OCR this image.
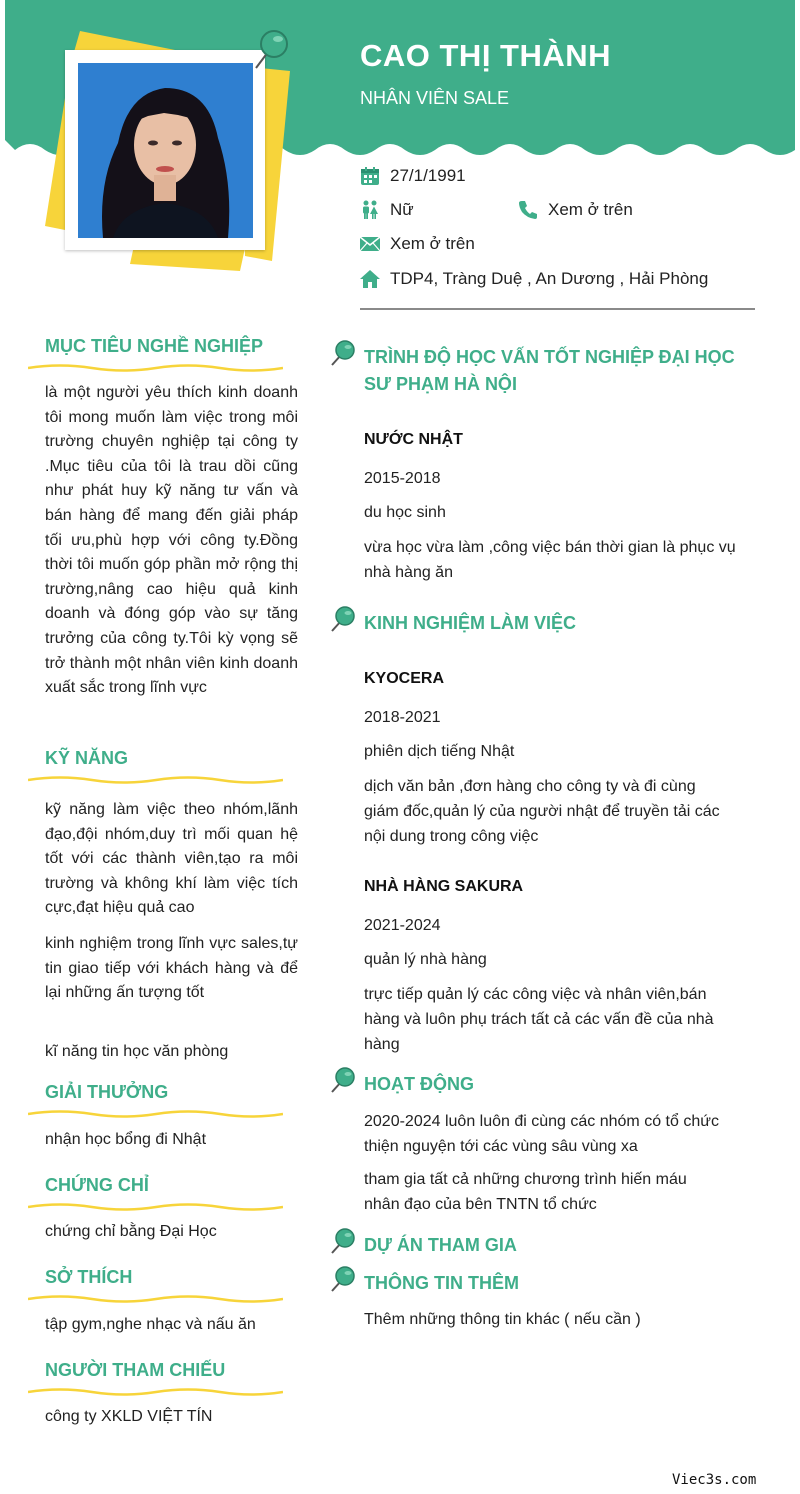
CAO THỊ THÀNH
NHÂN VIÊN SALE
27/1/1991
Nữ	Xem ở trên
Xem ở trên
TDP4, Tràng Duệ , An Dương , Hải Phòng
MỤC TIÊU NGHỀ NGHIỆP
là một người yêu thích kinh doanh tôi mong muốn làm việc trong môi trường chuyên nghiệp tại công ty .Mục tiêu của tôi là trau dồi cũng như phát huy kỹ năng tư vấn và bán hàng để mang đến giải pháp tối ưu,phù hợp với công ty.Đồng thời tôi muốn góp phần mở rộng thị trường,nâng cao hiệu quả kinh doanh và đóng góp vào sự tăng trưởng của công ty.Tôi kỳ vọng sẽ trở thành một nhân viên kinh doanh xuất sắc trong lĩnh vực
KỸ NĂNG
kỹ năng làm việc theo nhóm,lãnh đạo,đội nhóm,duy trì mối quan hệ tốt với các thành viên,tạo ra môi trường và không khí làm việc tích cực,đạt hiệu quả cao
kinh nghiệm trong lĩnh vực sales,tự tin giao tiếp với khách hàng và để lại những ấn tượng tốt
kĩ năng tin học văn phòng
GIẢI THƯỞNG
nhận học bổng đi Nhật
CHỨNG CHỈ
chứng chỉ bằng Đại Học
SỞ THÍCH
tập gym,nghe nhạc và nấu ăn
NGƯỜI THAM CHIẾU
công ty XKLD VIỆT TÍN
TRÌNH ĐỘ HỌC VẤN TỐT NGHIỆP ĐẠI HỌC SƯ PHẠM HÀ NỘI
NƯỚC NHẬT
2015-2018
du học sinh
vừa học vừa làm ,công việc bán thời gian là phục vụ nhà hàng ăn
KINH NGHIỆM LÀM VIỆC
KYOCERA
2018-2021
phiên dịch tiếng Nhật
dịch văn bản ,đơn hàng cho công ty và đi cùng giám đốc,quản lý của người nhật để truyền tải các nội dung trong công việc
NHÀ HÀNG SAKURA
2021-2024
quản lý nhà hàng
trực tiếp quản lý các công việc và nhân viên,bán hàng và luôn phụ trách tất cả các vấn đề của nhà hàng
HOẠT ĐỘNG
2020-2024 luôn luôn đi cùng các nhóm có tổ chức thiện nguyện tới các vùng sâu vùng xa
tham gia tất cả những chương trình hiến máu nhân đạo của bên TNTN tổ chức
DỰ ÁN THAM GIA
THÔNG TIN THÊM
Thêm những thông tin khác ( nếu cần )
Viec3s.com
